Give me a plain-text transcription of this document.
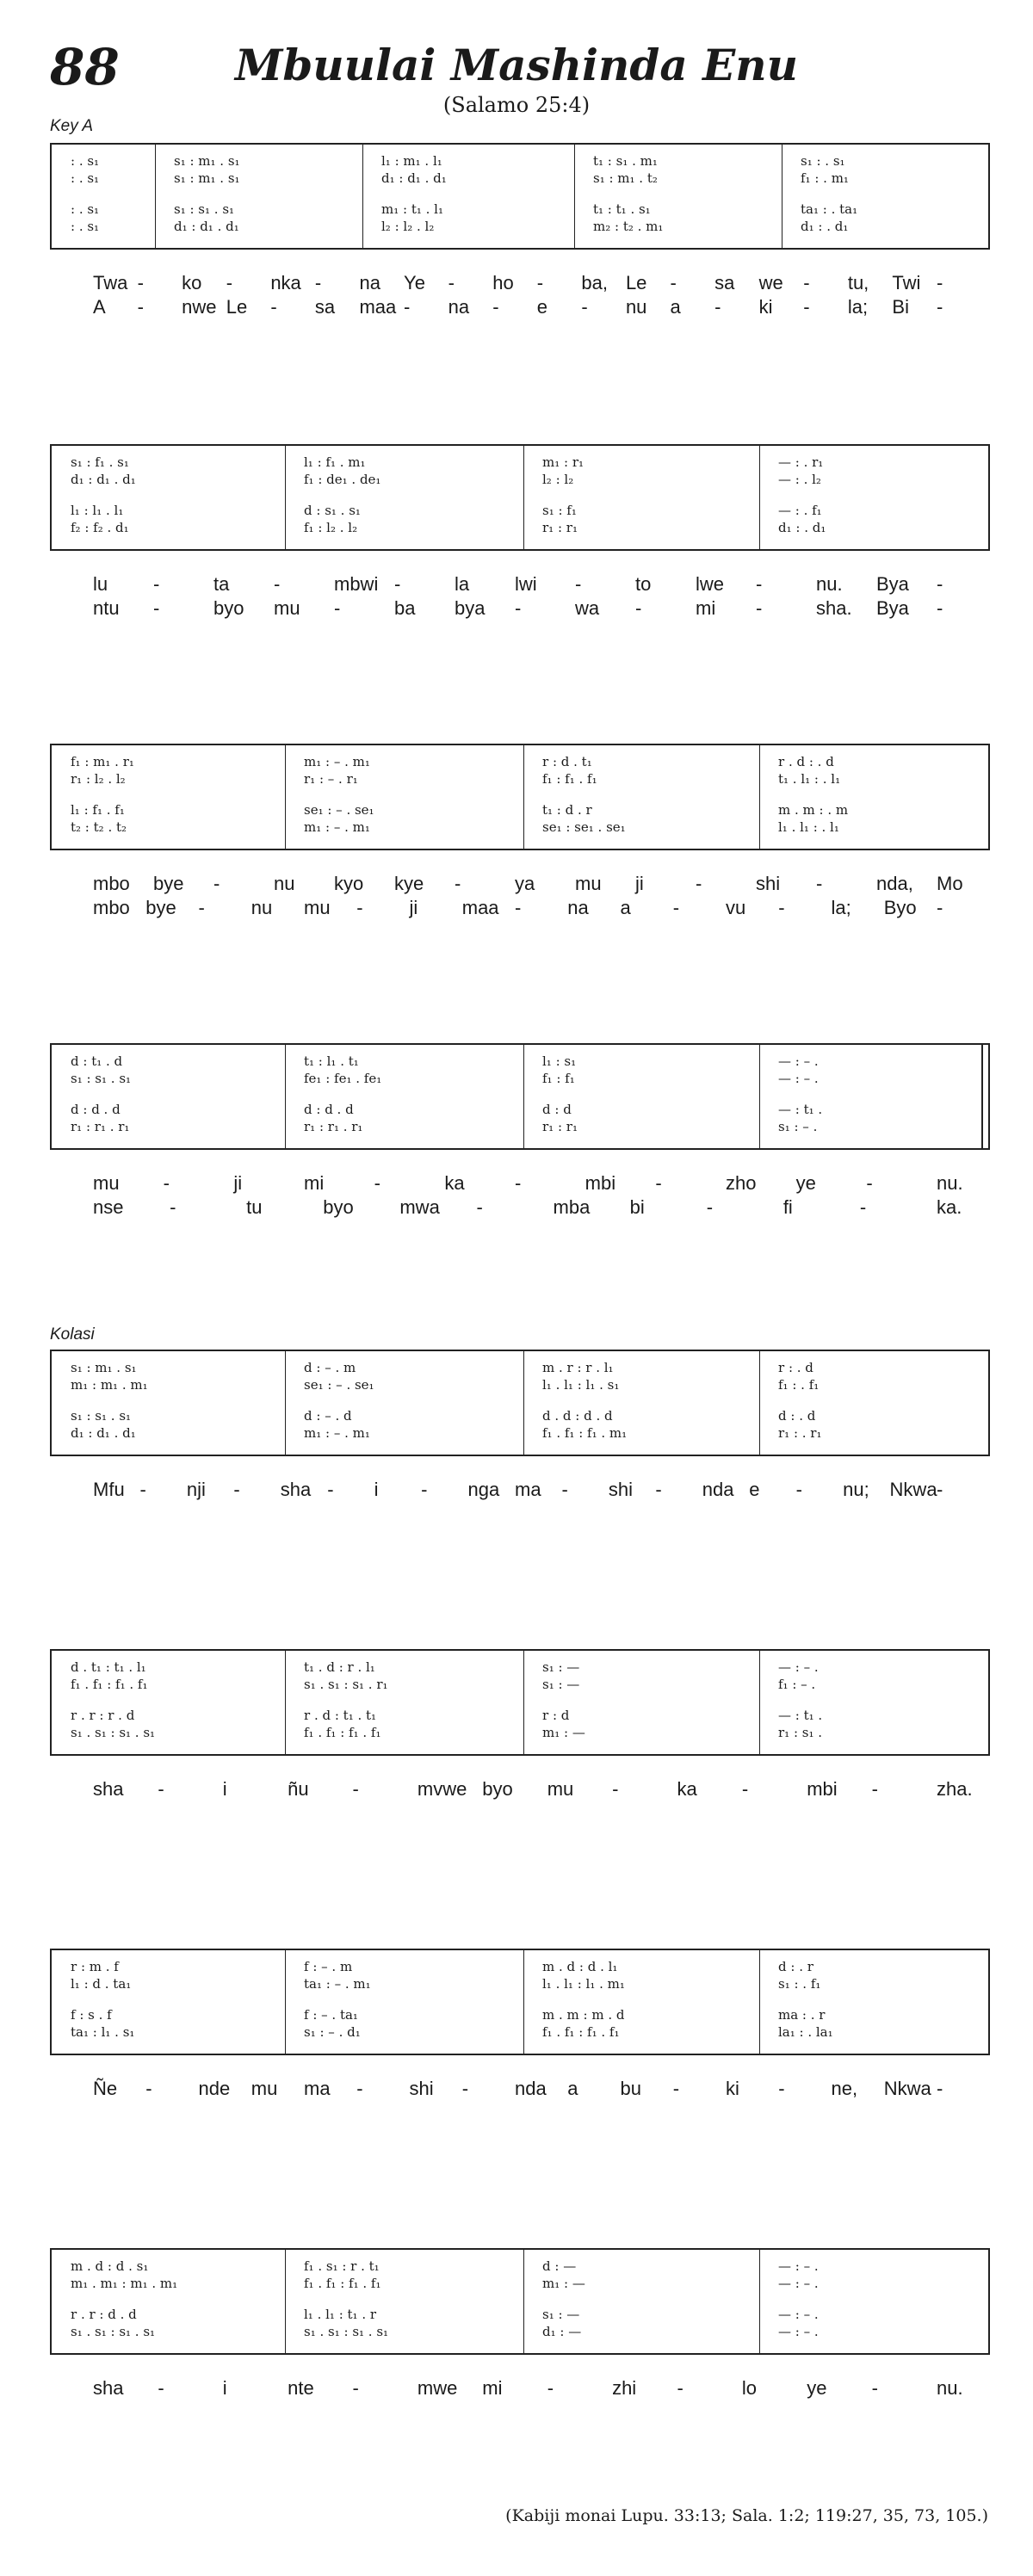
88	Mbuulai Mashinda Enu
(Salamo 25:4)
Key A
Kolasi
(Kabiji monai Lupu. 33:13; Sala. 1:2; 119:27, 35, 73, 105.)
: . s₁	s₁ : m₁ . s₁	l₁ : m₁ . l₁	t₁ : s₁ . m₁	s₁ : . s₁
: . s₁	s₁ : m₁ . s₁	d₁ : d₁ . d₁	s₁ : m₁ . t₂	f₁ : . m₁
: . s₁	s₁ : s₁ . s₁	m₁ : t₁ . l₁	t₁ : t₁ . s₁	ta₁ : . ta₁
: . s₁	d₁ : d₁ . d₁	l₂ : l₂ . l₂	m₂ : t₂ . m₁	d₁ : . d₁
Twa - ko - nka - na Ye - ho - ba, Le - sa we - tu, Twi -
A - nwe Le - sa maa - na - e - nu a - ki - la; Bi -
s₁ : f₁ . s₁	l₁ : f₁ . m₁	m₁ : r₁	— : . r₁
d₁ : d₁ . d₁	f₁ : de₁ . de₁	l₂ : l₂	— : . l₂
l₁ : l₁ . l₁	d : s₁ . s₁	s₁ : f₁	— : . f₁
f₂ : f₂ . d₁	f₁ : l₂ . l₂	r₁ : r₁	d₁ : . d₁
lu -	ta -	mbwi -	la lwi -	to lwe -	nu. Bya -
ntu -	byo mu -	ba bya -	wa -	mi -	sha. Bya -
f₁ : m₁ . r₁	m₁ : – . m₁	r : d . t₁	r . d : . d
r₁ : l₂ . l₂	r₁ : – . r₁	f₁ : f₁ . f₁	t₁ . l₁ : . l₁
l₁ : f₁ . f₁	se₁ : – . se₁	t₁ : d . r	m . m : . m
t₂ : t₂ . t₂	m₁ : – . m₁	se₁ : se₁ . se₁	l₁ . l₁ : . l₁
mbo bye -	nu kyo kye -	ya mu ji	-	shi -	nda, Mo
mbo bye - nu mu - ji maa - na a - vu - la; Byo -
d : t₁ . d	t₁ : l₁ . t₁	l₁ : s₁	— : – .
s₁ : s₁ . s₁	fe₁ : fe₁ . fe₁	f₁ : f₁	— : – .
d : d . d	d : d . d	d : d	— : t₁ .
r₁ : r₁ . r₁	r₁ : r₁ . r₁	r₁ : r₁	s₁ : – .
mu -	ji	mi	-	ka	-	mbi -	zho ye	-	nu.
nse -	tu	byo mwa -	mba bi	-	fi	-	ka.
s₁ : m₁ . s₁	d : – . m	m . r : r . l₁	r : . d
m₁ : m₁ . m₁	se₁ : – . se₁	l₁ . l₁ : l₁ . s₁	f₁ : . f₁
s₁ : s₁ . s₁	d : – . d	d . d : d . d	d : . d
d₁ : d₁ . d₁	m₁ : – . m₁	f₁ . f₁ : f₁ . m₁	r₁ : . r₁
Mfu - nji - sha - i - nga ma - shi - nda e - nu; Nkwa -
d . t₁ : t₁ . l₁	t₁ . d : r . l₁	s₁ : —	— : – .
f₁ . f₁ : f₁ . f₁	s₁ . s₁ : s₁ . r₁	s₁ : —	f₁ : – .
r . r : r . d	r . d : t₁ . t₁	r : d	— : t₁ .
s₁ . s₁ : s₁ . s₁	f₁ . f₁ : f₁ . f₁	m₁ : —	r₁ : s₁ .
sha -	i	ñu -	mvwe byo mu -	ka -	mbi -	zha.
r : m . f	f : – . m	m . d : d . l₁	d : . r
l₁ : d . ta₁	ta₁ : – . m₁	l₁ . l₁ : l₁ . m₁	s₁ : . f₁
f : s . f	f : – . ta₁	m . m : m . d	ma : . r
ta₁ : l₁ . s₁	s₁ : – . d₁	f₁ . f₁ : f₁ . f₁	la₁ : . la₁
Ñe - nde mu ma - shi - nda a bu - ki - ne, Nkwa -
m . d : d . s₁	f₁ . s₁ : r . t₁	d : —	— : – .
m₁ . m₁ : m₁ . m₁	f₁ . f₁ : f₁ . f₁	m₁ : —	— : – .
r . r : d . d	l₁ . l₁ : t₁ . r	s₁ : —	— : – .
s₁ . s₁ : s₁ . s₁	s₁ . s₁ : s₁ . s₁	d₁ : —	— : – .
sha -	i	nte -	mwe mi -	zhi -	lo	ye -	nu.
